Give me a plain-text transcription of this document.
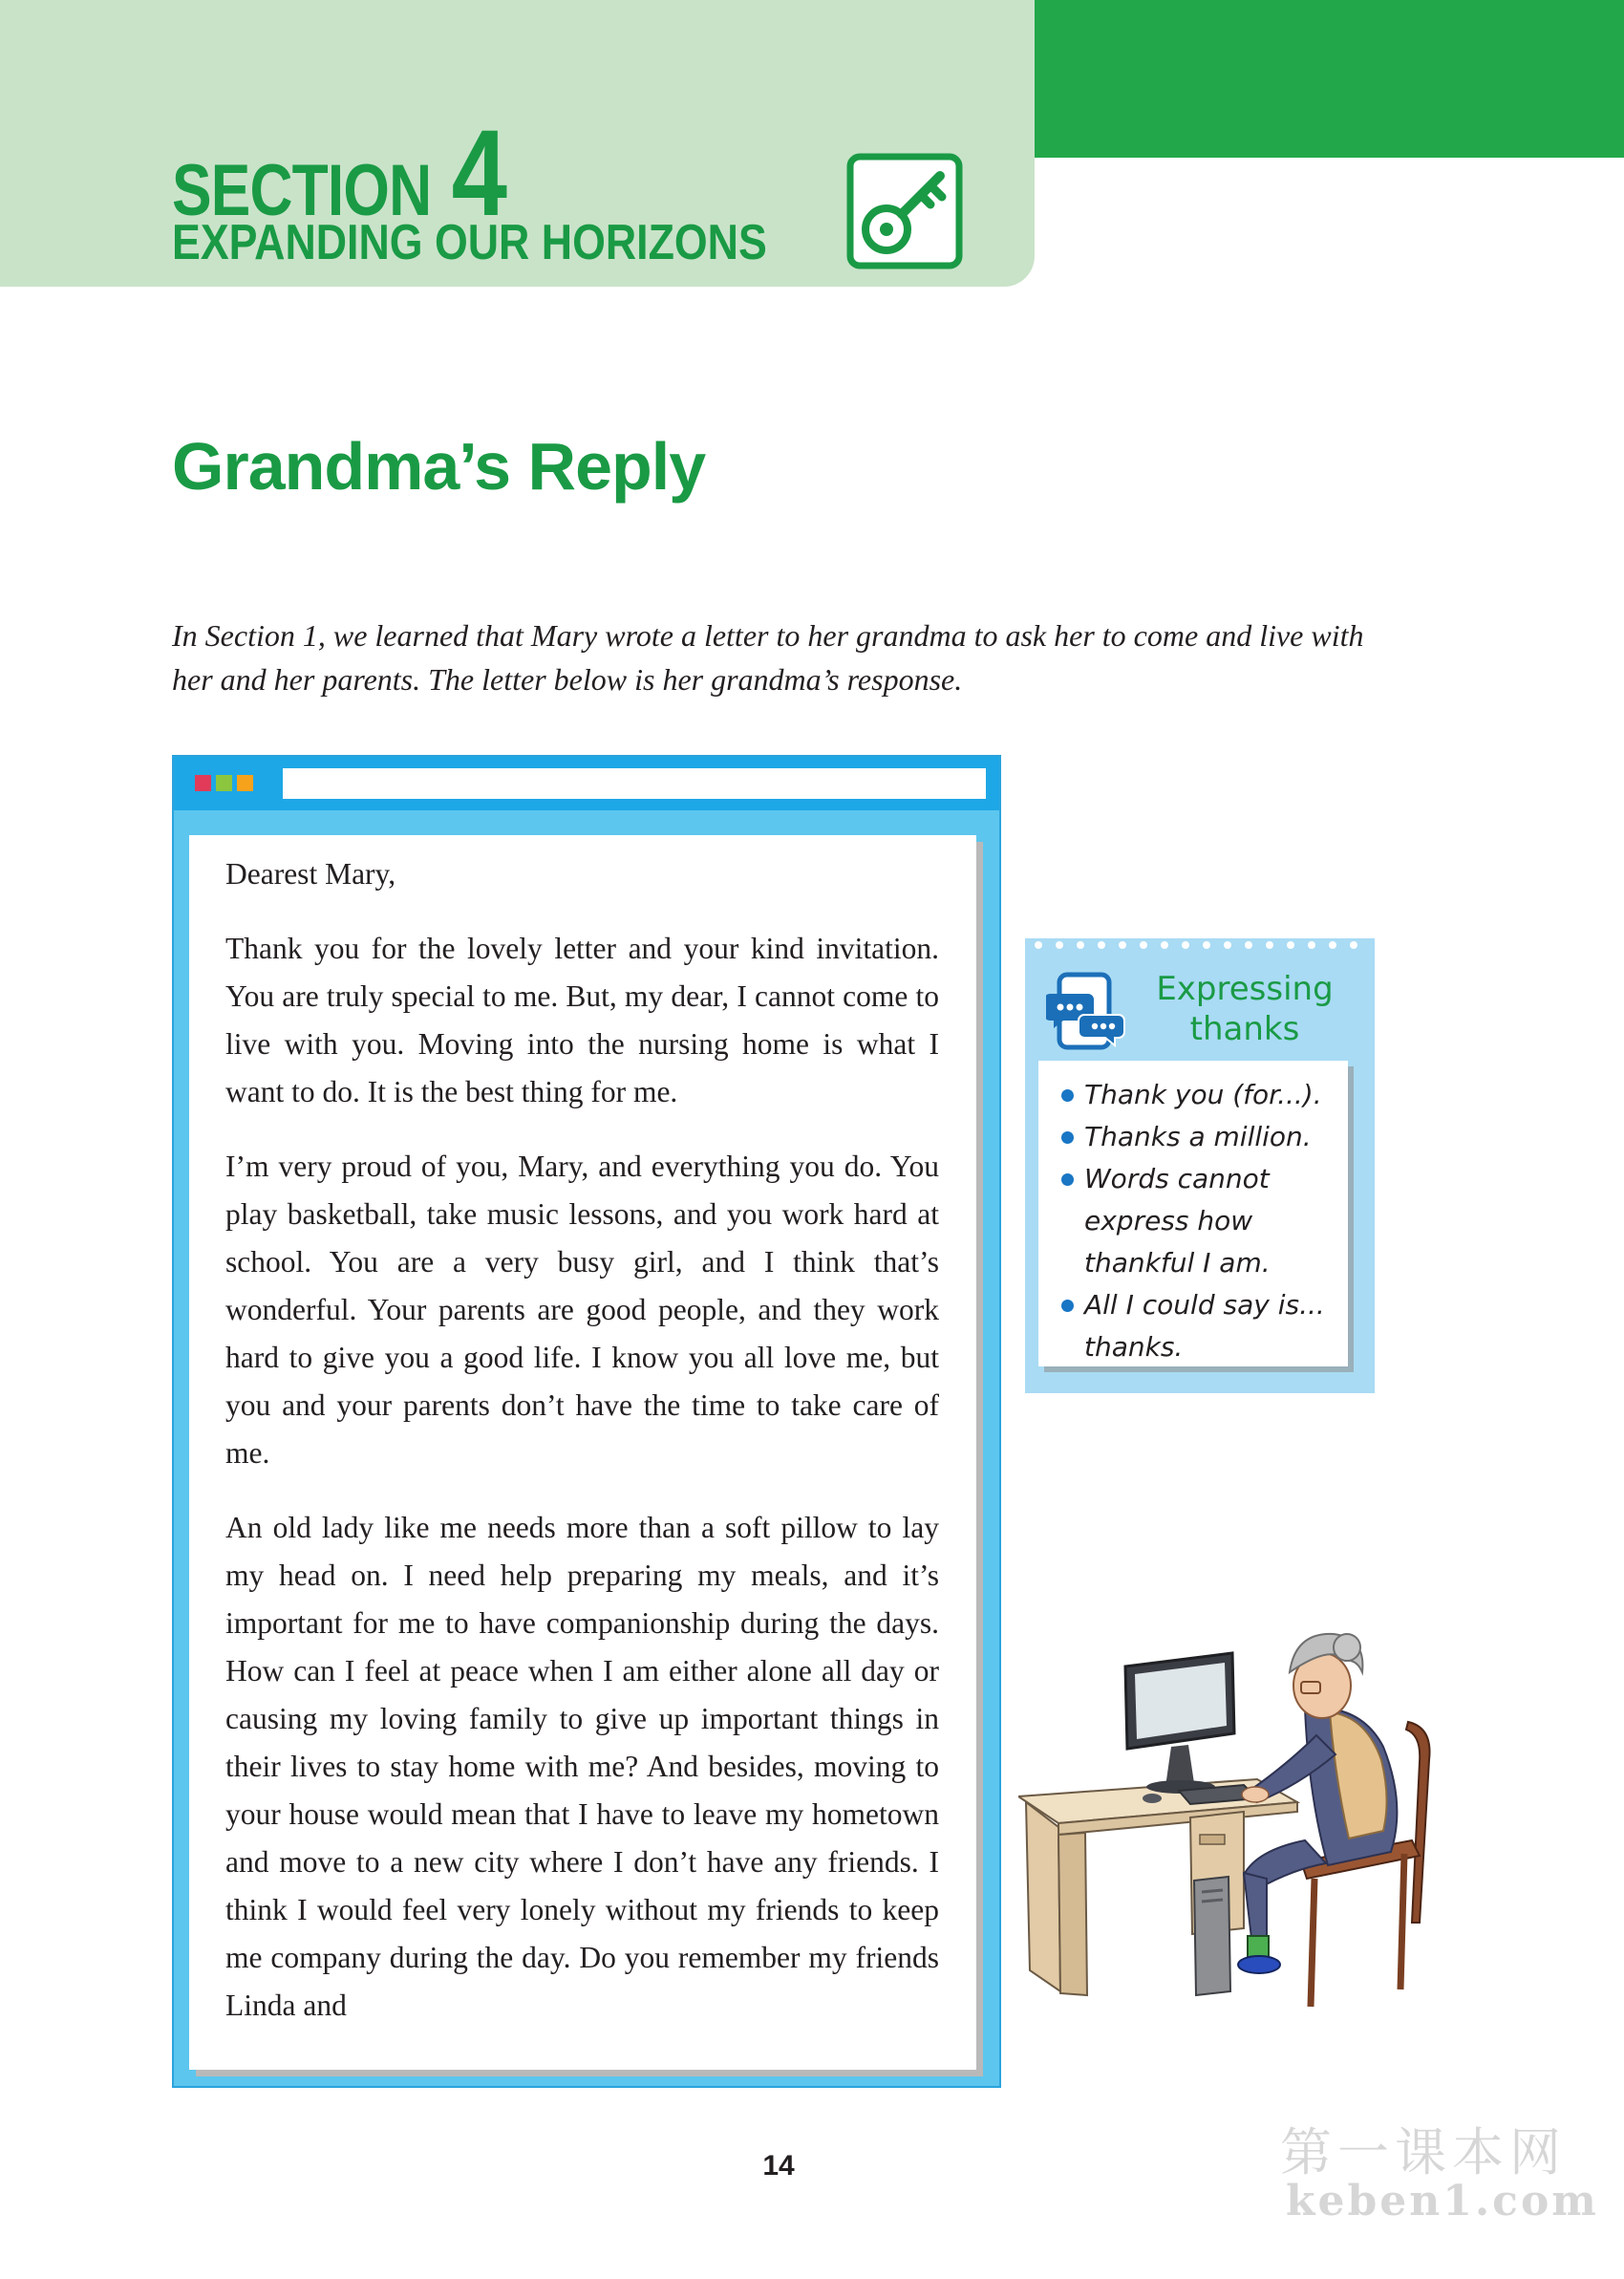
SECTION 4
EXPANDING OUR HORIZONS
Grandma’s Reply
In Section 1, we learned that Mary wrote a letter to her grandma to ask her to come and live with her and her parents. The letter below is her grandma’s response.

Dearest Mary,

Thank you for the lovely letter and your kind invitation. You are truly special to me. But, my dear, I cannot come to live with you. Moving into the nursing home is what I want to do. It is the best thing for me.

I’m very proud of you, Mary, and everything you do. You play basketball, take music lessons, and you work hard at school. You are a very busy girl, and I think that’s wonderful. Your parents are good people, and they work hard to give you a good life. I know you all love me, but you and your parents don’t have the time to take care of me.

An old lady like me needs more than a soft pillow to lay my head on. I need help preparing my meals, and it’s important for me to have companionship during the days. How can I feel at peace when I am either alone all day or causing my loving family to give up important things in their lives to stay home with me? And besides, moving to your house would mean that I have to leave my hometown and move to a new city where I don’t have any friends. I think I would feel very lonely without my friends to keep me company during the day. Do you remember my friends Linda and

Expressing
thanks
Thank you (for...).
Thanks a million.
Words cannot express how thankful I am.
All I could say is... thanks.
14	第一课本网
keben1.com
